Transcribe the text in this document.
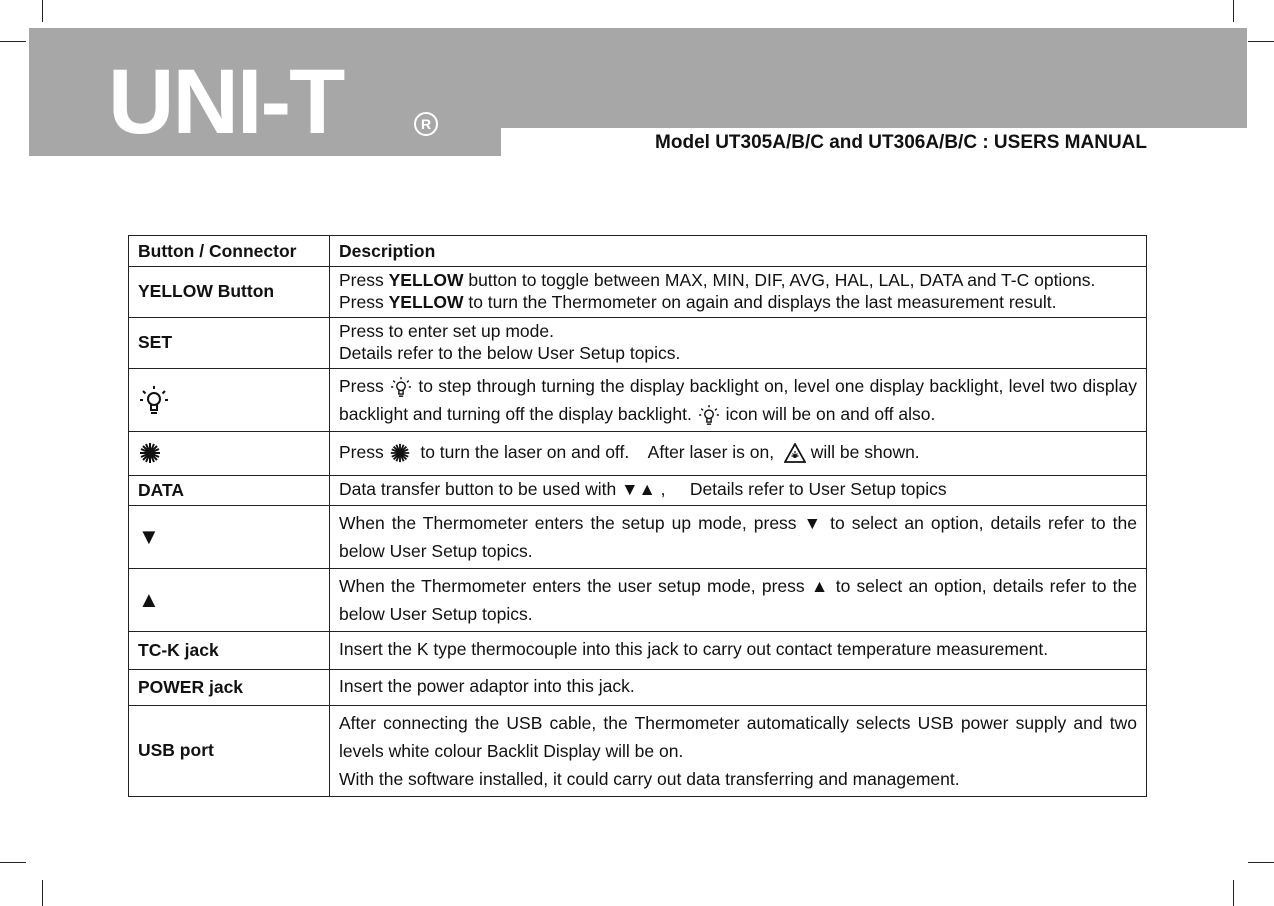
UNI-T	R
Model UT305A/B/C and UT306A/B/C : USERS MANUAL
Button / Connector	Description
YELLOW Button	Press YELLOW button to toggle between MAX, MIN, DIF, AVG, HAL, LAL, DATA and T-C options.
Press YELLOW to turn the Thermometer on again and displays the last measurement result.

SET	Press to enter set up mode.
Details refer to the below User Setup topics.

	Press  to step through turning the display backlight on, level one display backlight, level two display backlight and turning off the display backlight.  icon will be on and off also.
	Press   to turn the laser on and off.    After laser is on,   will be shown.
DATA	Data transfer button to be used with ▼▲ ,     Details refer to User Setup topics
▼	When the Thermometer enters the setup up mode, press ▼ to select an option, details refer to the below User Setup topics.
▲	When the Thermometer enters the user setup mode, press ▲ to select an option, details refer to the below User Setup topics.
TC-K jack	Insert the K type thermocouple into this jack to carry out contact temperature measurement.
POWER jack	Insert the power adaptor into this jack.
USB port	After connecting the USB cable, the Thermometer automatically selects USB power supply and two levels white colour Backlit Display will be on.
With the software installed, it could carry out data transferring and management.
